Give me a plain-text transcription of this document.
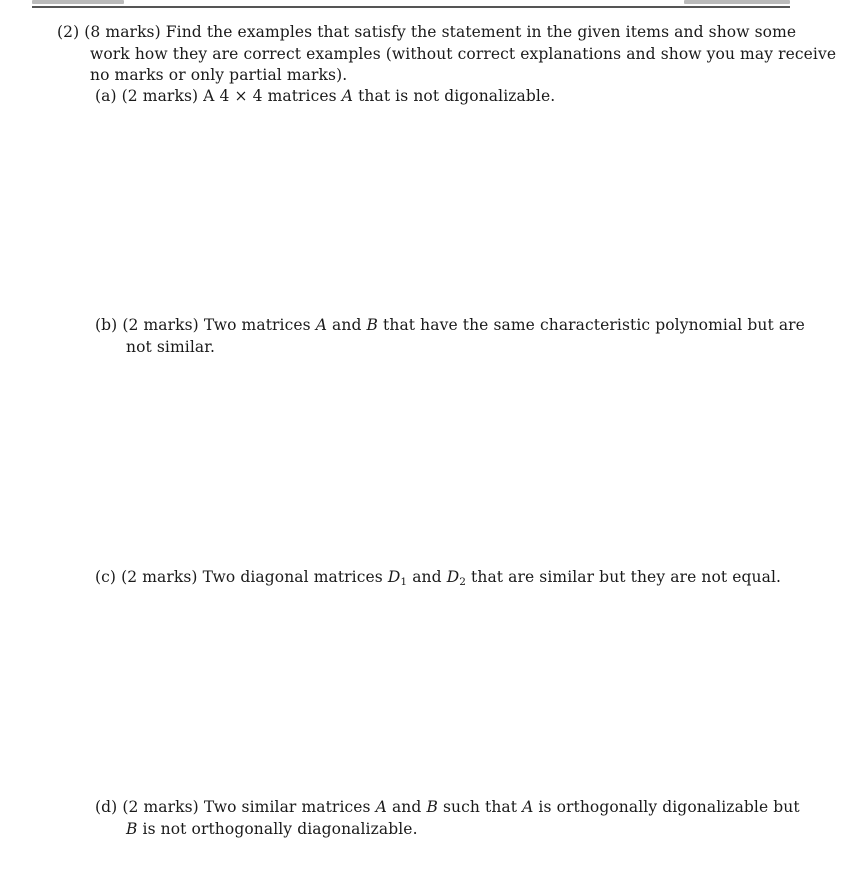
(2) (8 marks) Find the examples that satisfy the statement in the given items and show some
work how they are correct examples (without correct explanations and show you may receive
no marks or only partial marks).
(a) (2 marks) A 4 × 4 matrices A that is not digonalizable.
(b) (2 marks) Two matrices A and B that have the same characteristic polynomial but are
not similar.
(c) (2 marks) Two diagonal matrices $D_1$ and $D_2$ that are similar but they are not equal.
(d) (2 marks) Two similar matrices A and B such that A is orthogonally digonalizable but
B is not orthogonally diagonalizable.
